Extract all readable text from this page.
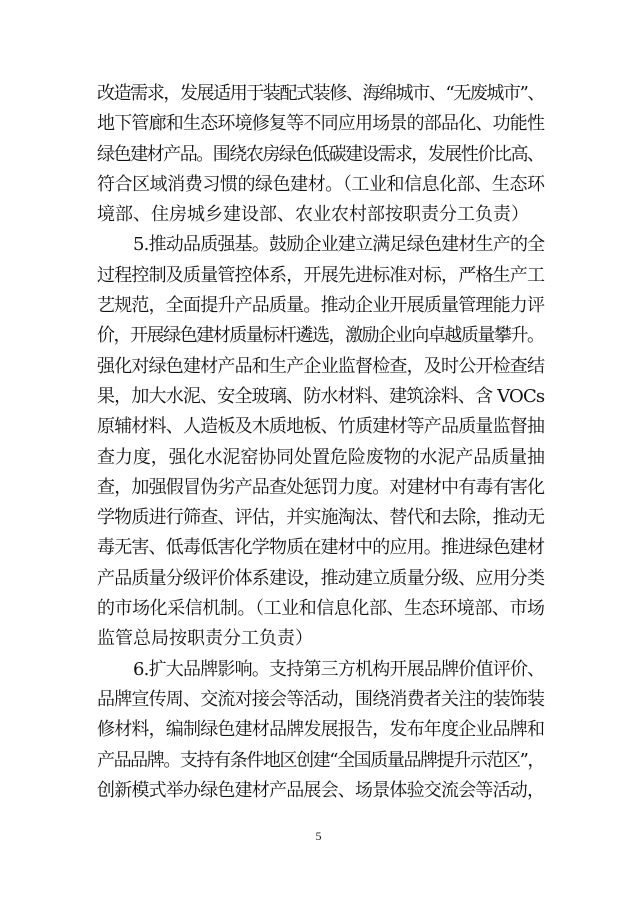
改造需求，发展适用于装配式装修、海绵城市、“无废城市”、
地下管廊和生态环境修复等不同应用场景的部品化、功能性
绿色建材产品。围绕农房绿色低碳建设需求，发展性价比高、
符合区域消费习惯的绿色建材。（工业和信息化部、生态环
境部、住房城乡建设部、农业农村部按职责分工负责）

5.推动品质强基。鼓励企业建立满足绿色建材生产的全
过程控制及质量管控体系，开展先进标准对标，严格生产工
艺规范，全面提升产品质量。推动企业开展质量管理能力评
价，开展绿色建材质量标杆遴选，激励企业向卓越质量攀升。
强化对绿色建材产品和生产企业监督检查，及时公开检查结
果，加大水泥、安全玻璃、防水材料、建筑涂料、含 VOCs
原辅材料、人造板及木质地板、竹质建材等产品质量监督抽
查力度，强化水泥窑协同处置危险废物的水泥产品质量抽
查，加强假冒伪劣产品查处惩罚力度。对建材中有毒有害化
学物质进行筛查、评估，并实施淘汰、替代和去除，推动无
毒无害、低毒低害化学物质在建材中的应用。推进绿色建材
产品质量分级评价体系建设，推动建立质量分级、应用分类
的市场化采信机制。（工业和信息化部、生态环境部、市场
监管总局按职责分工负责）

6.扩大品牌影响。支持第三方机构开展品牌价值评价、
品牌宣传周、交流对接会等活动，围绕消费者关注的装饰装
修材料，编制绿色建材品牌发展报告，发布年度企业品牌和
产品品牌。支持有条件地区创建“全国质量品牌提升示范区”，
创新模式举办绿色建材产品展会、场景体验交流会等活动，

5
